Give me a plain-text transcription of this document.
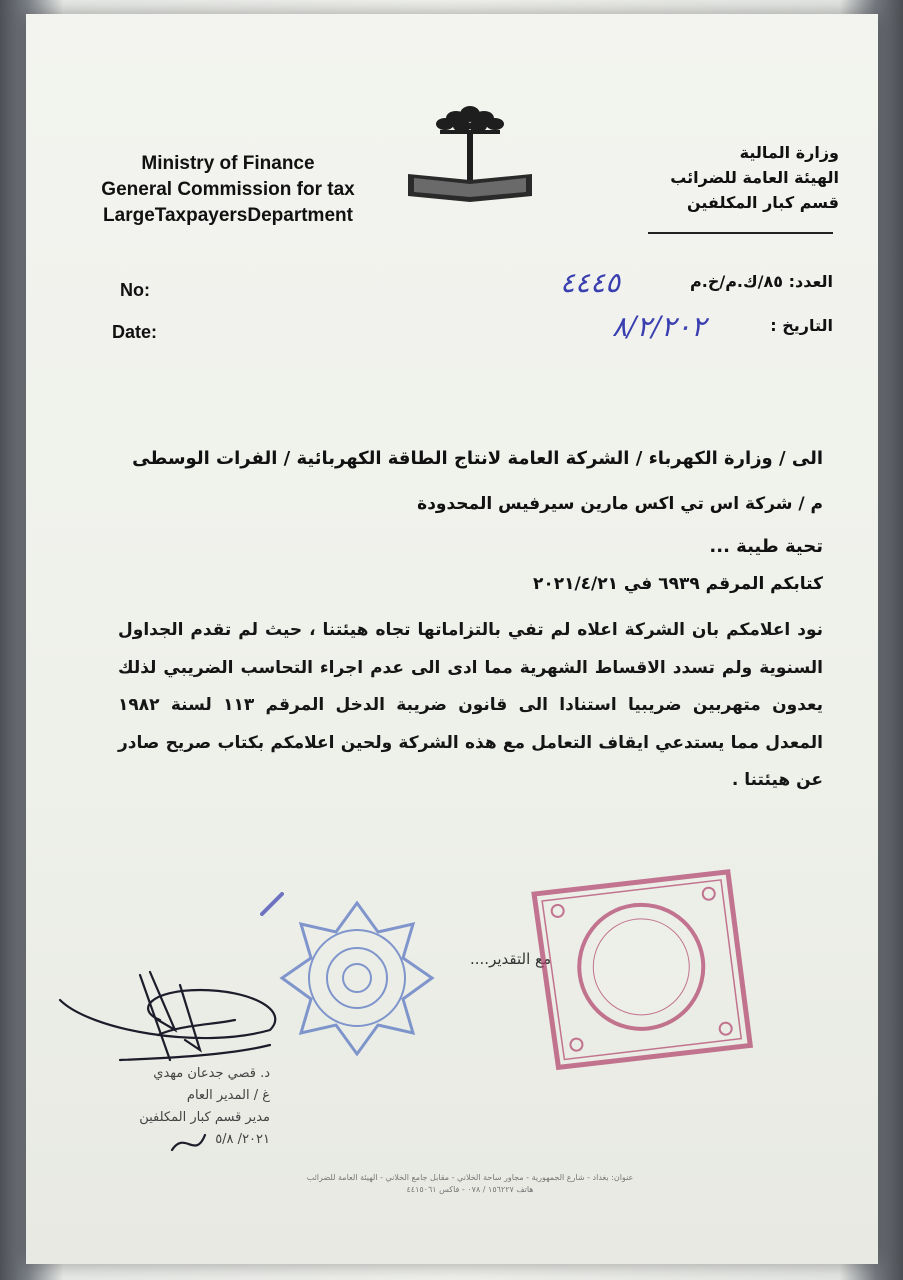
Ministry of Finance
General Commission for tax
LargeTaxpayersDepartment
وزارة المالية
الهيئة العامة للضرائب
قسم كبار المكلفين
No:
Date:
العدد: ٨٥/ك.م/خ.م
التاريخ :
٤٤٤٥
٨/٢/٢٠٢
الى / وزارة الكهرباء / الشركة العامة لانتاج الطاقة الكهربائية / الفرات الوسطى
م / شركة اس تي اكس مارين سيرفيس المحدودة
تحية طيبة ...
كتابكم المرقم ٦٩٣٩ في ٢٠٢١/٤/٢١
نود اعلامكم بان الشركة اعلاه لم تفي بالتزاماتها تجاه هيئتنا ، حيث لم تقدم الجداول السنوية ولم تسدد الاقساط الشهرية مما ادى الى عدم اجراء التحاسب الضريبي لذلك يعدون متهربين ضريبيا استنادا الى قانون ضريبة الدخل المرقم ١١٣ لسنة ١٩٨٢ المعدل مما يستدعي ايقاف التعامل مع هذه الشركة ولحين اعلامكم بكتاب صريح صادر عن هيئتنا .
مع التقدير....
د. قصي جدعان مهدي
غ / المدير العام
مدير قسم كبار المكلفين
٢٠٢١/ ٥/٨
عنوان: بغداد - شارع الجمهورية - مجاور ساحة الخلاني - مقابل جامع الخلاني - الهيئة العامة للضرائب
هاتف ١٥٦٢٢٧ / ٠٧٨ - فاكس ٤٤١٥٠٦١
